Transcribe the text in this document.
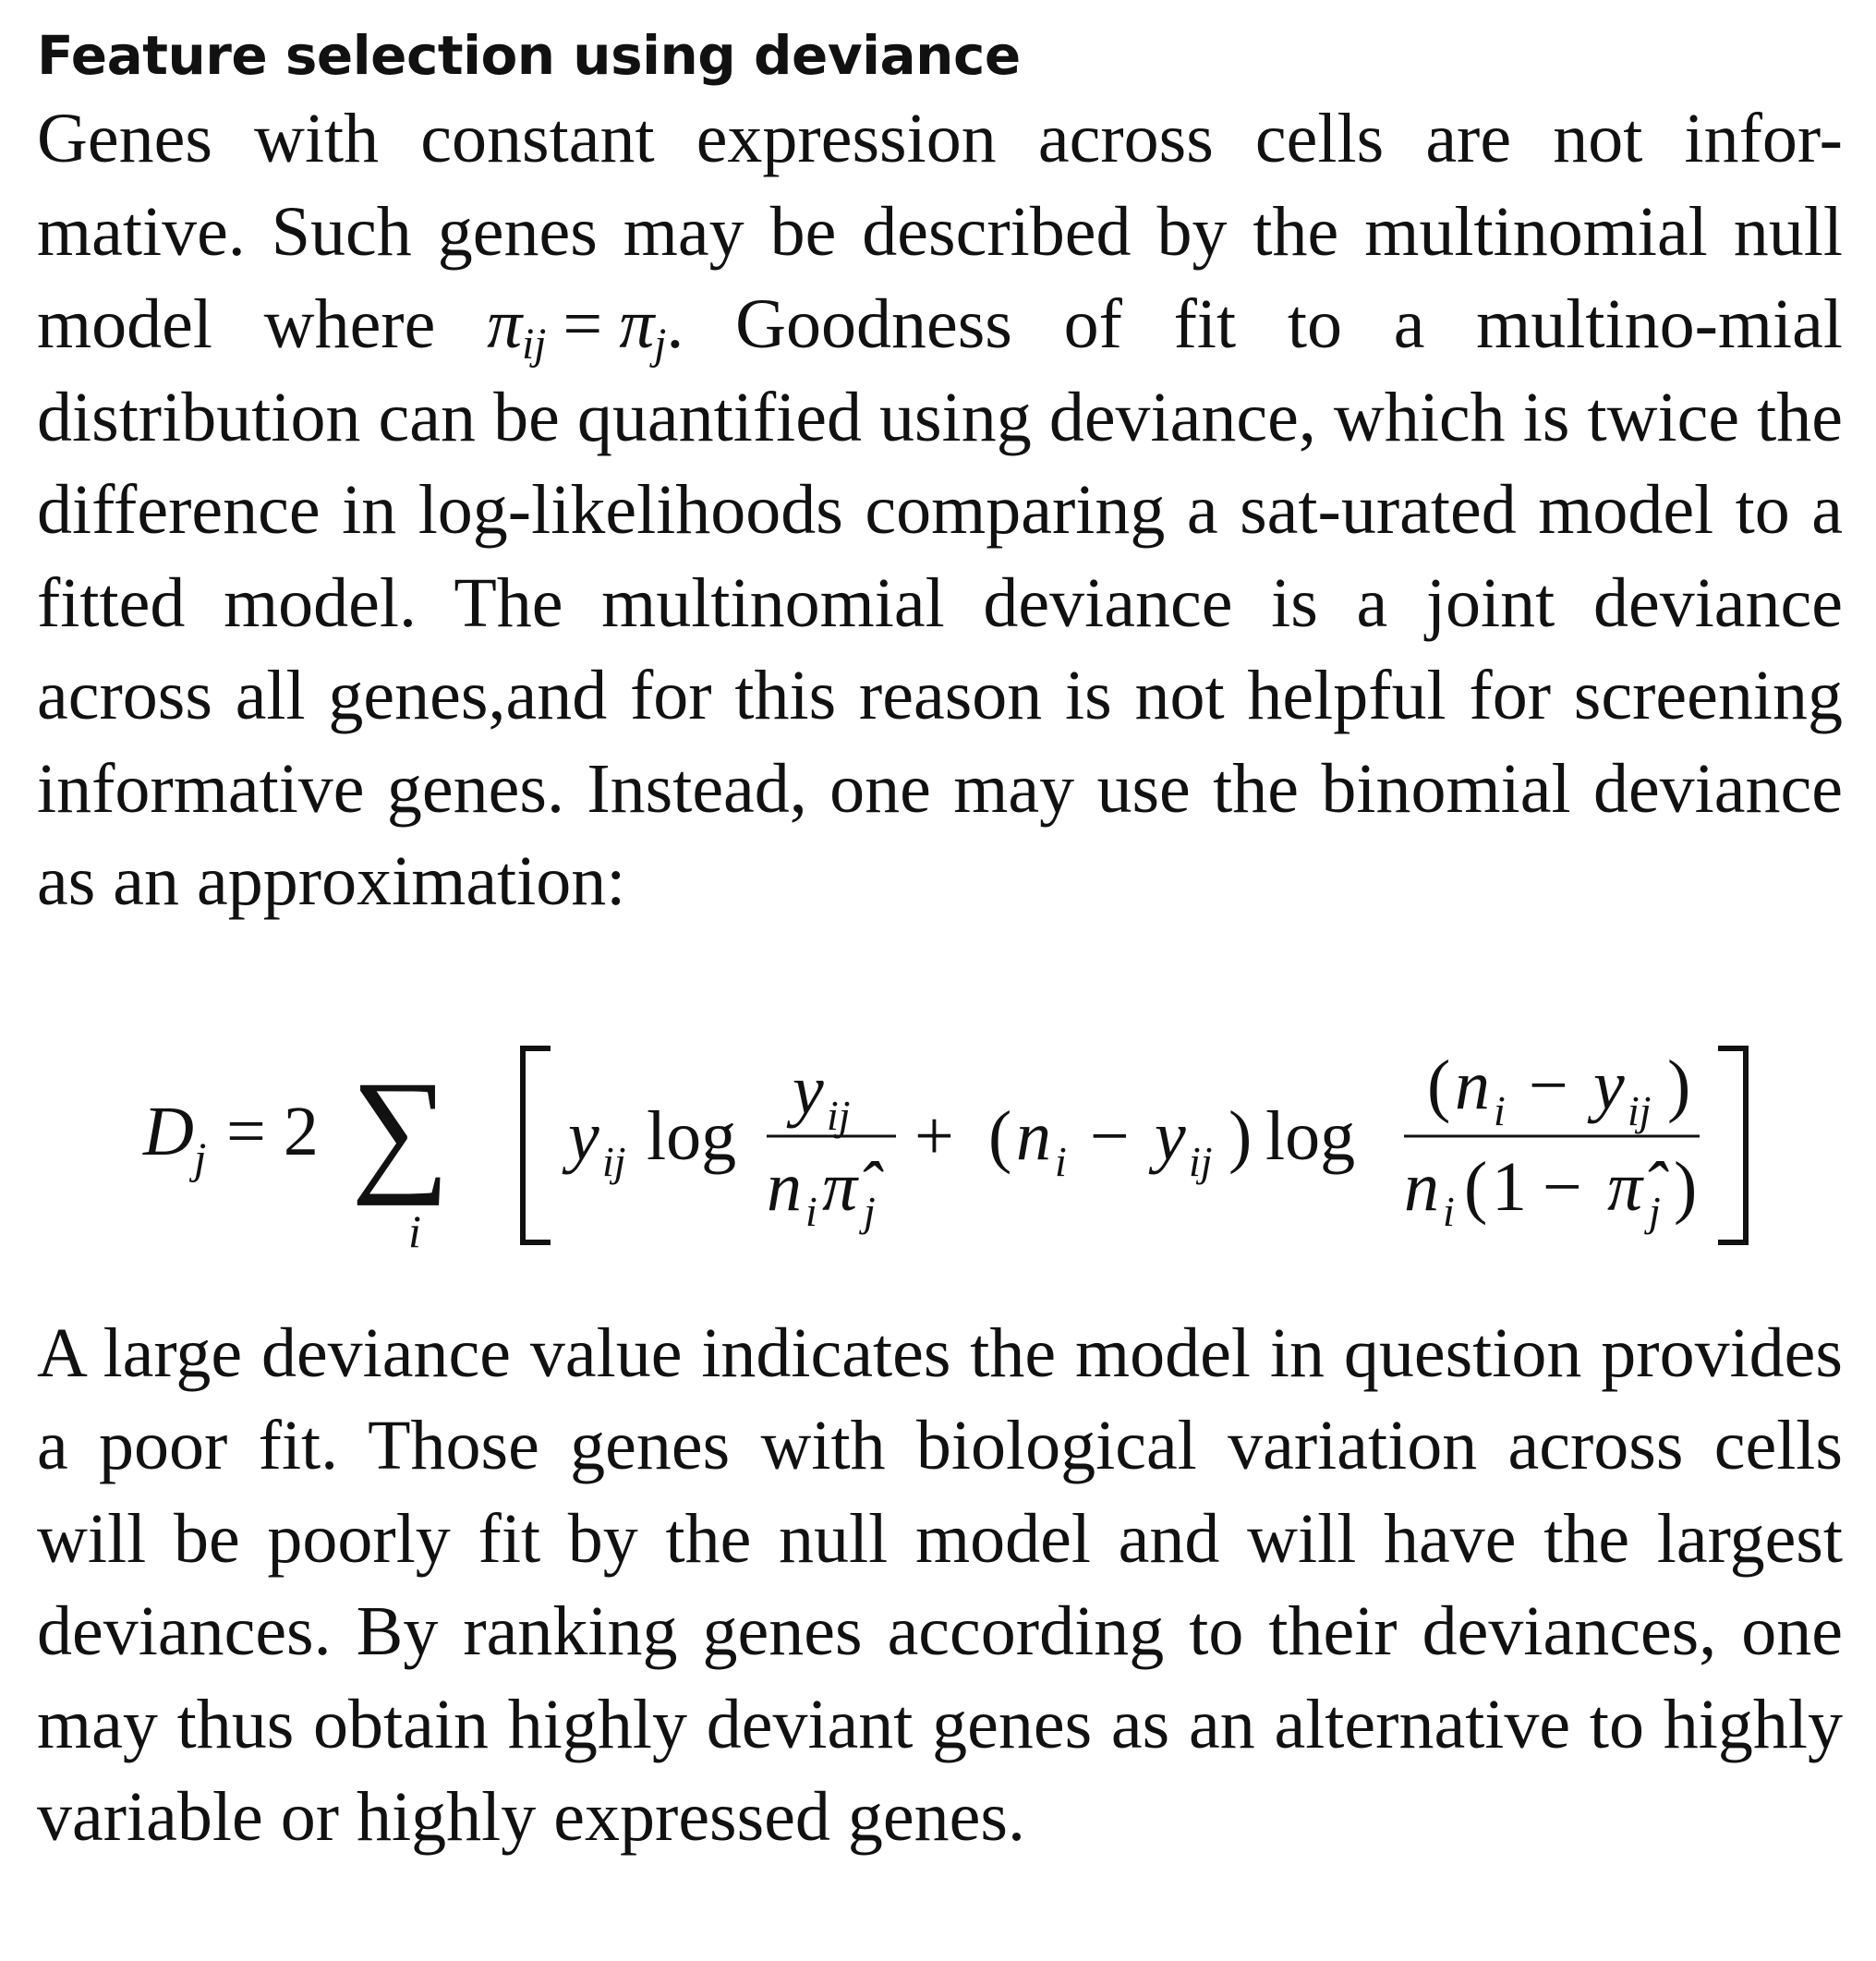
Feature selection using deviance

Genes with constant expression across cells are not infor-mative. Such genes may be described by the multinomial null model where $\pi_{ij} = \pi_j$. Goodness of fit to a multino-mial distribution can be quantified using deviance, which is twice the difference in log-likelihoods comparing a sat-urated model to a fitted model. The multinomial deviance is a joint deviance across all genes,and for this reason is not helpful for screening informative genes. Instead, one may use the binomial deviance as an approximation:

D j = 2 ∑
i
y ij log
y ij
n i π̂ j
+ ( n i − y ij ) log
( n i − y ij )
n i ( 1 − π̂ j )

A large deviance value indicates the model in question provides a poor fit. Those genes with biological variation across cells will be poorly fit by the null model and will have the largest deviances. By ranking genes according to their deviances, one may thus obtain highly deviant genes as an alternative to highly variable or highly expressed genes.
